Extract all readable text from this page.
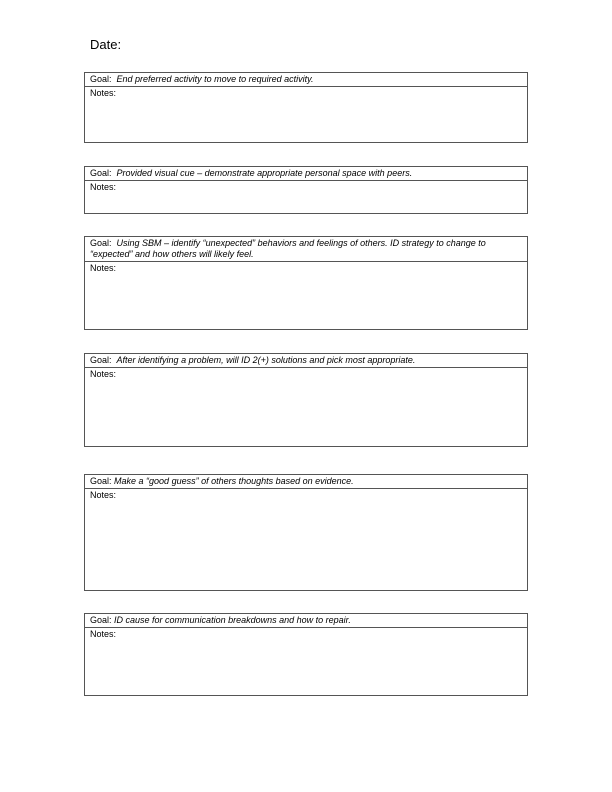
Date:
Goal: End preferred activity to move to required activity.
Notes:
Goal: Provided visual cue – demonstrate appropriate personal space with peers.
Notes:
Goal: Using SBM – identify “unexpected” behaviors and feelings of others. ID strategy to change to “expected” and how others will likely feel.
Notes:
Goal: After identifying a problem, will ID 2(+) solutions and pick most appropriate.
Notes:
Goal: Make a “good guess” of others thoughts based on evidence.
Notes:
Goal: ID cause for communication breakdowns and how to repair.
Notes:
